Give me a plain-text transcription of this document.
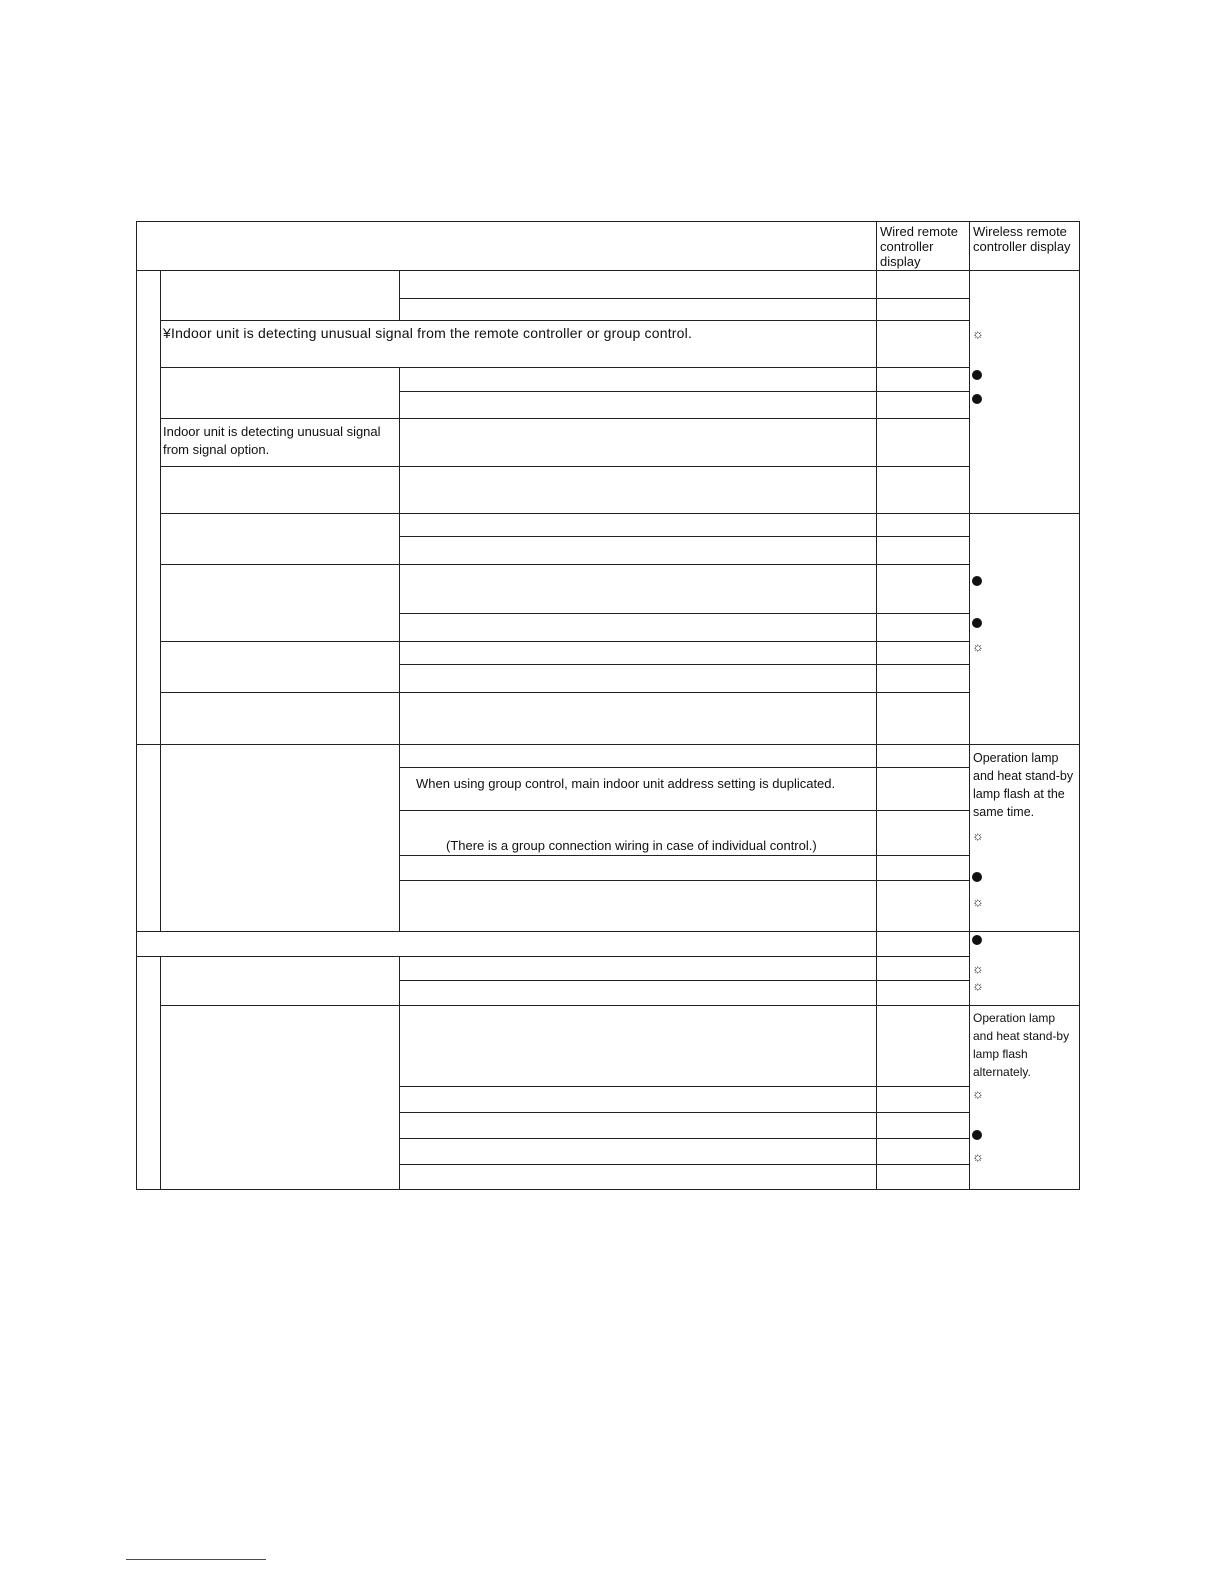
Wired remote controller display
Wireless remote controller display
¥Indoor unit is detecting unusual signal from the remote controller or group control.
Indoor unit is detecting unusual signal from signal option.
When using group control, main indoor unit address setting is duplicated.
(There is a group connection wiring in case of individual control.)
Operation lamp and heat stand-by lamp flash at the same time.
Operation lamp and heat stand-by lamp flash alternately.
☼
☼
☼
☼
☼
☼
☼
☼
